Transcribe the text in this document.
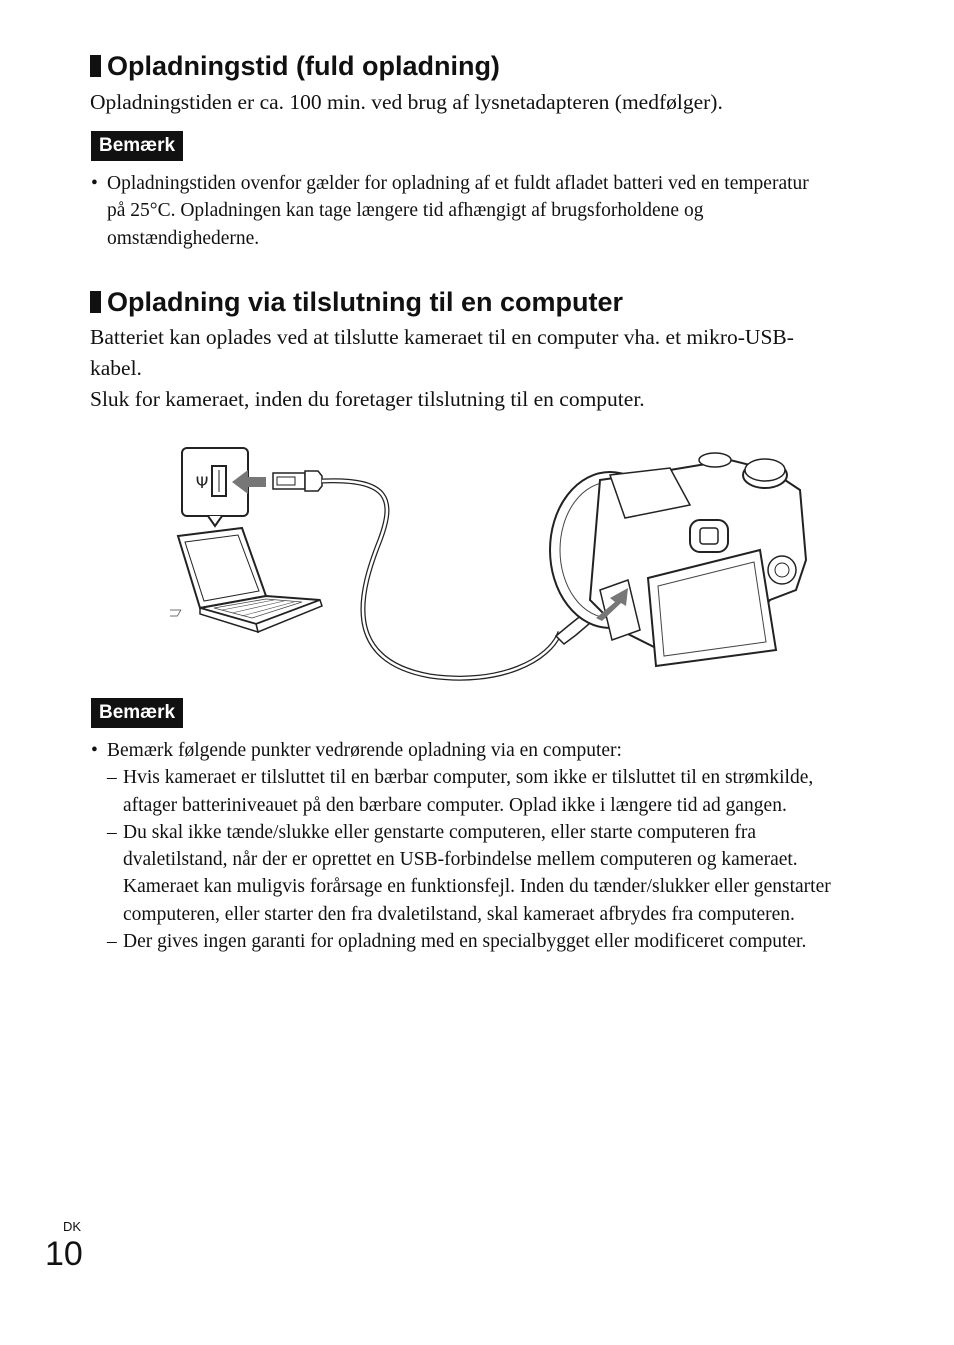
Opladningstid (fuld opladning)

Opladningstiden er ca. 100 min. ved brug af lysnetadapteren (medfølger).

Bemærk
• Opladningstiden ovenfor gælder for opladning af et fuldt afladet batteri ved en temperatur på 25°C. Opladningen kan tage længere tid afhængigt af brugsforholdene og omstændighederne.
Opladning via tilslutning til en computer

Batteriet kan oplades ved at tilslutte kameraet til en computer vha. et mikro-USB-kabel.

Sluk for kameraet, inden du foretager tilslutning til en computer.

Ψ
Bemærk
• Bemærk følgende punkter vedrørende opladning via en computer:
– Hvis kameraet er tilsluttet til en bærbar computer, som ikke er tilsluttet til en strømkilde, aftager batteriniveauet på den bærbare computer. Oplad ikke i længere tid ad gangen.
– Du skal ikke tænde/slukke eller genstarte computeren, eller starte computeren fra dvaletilstand, når der er oprettet en USB-forbindelse mellem computeren og kameraet. Kameraet kan muligvis forårsage en funktionsfejl. Inden du tænder/slukker eller genstarter computeren, eller starter den fra dvaletilstand, skal kameraet afbrydes fra computeren.
– Der gives ingen garanti for opladning med en specialbygget eller modificeret computer.
DK
10
